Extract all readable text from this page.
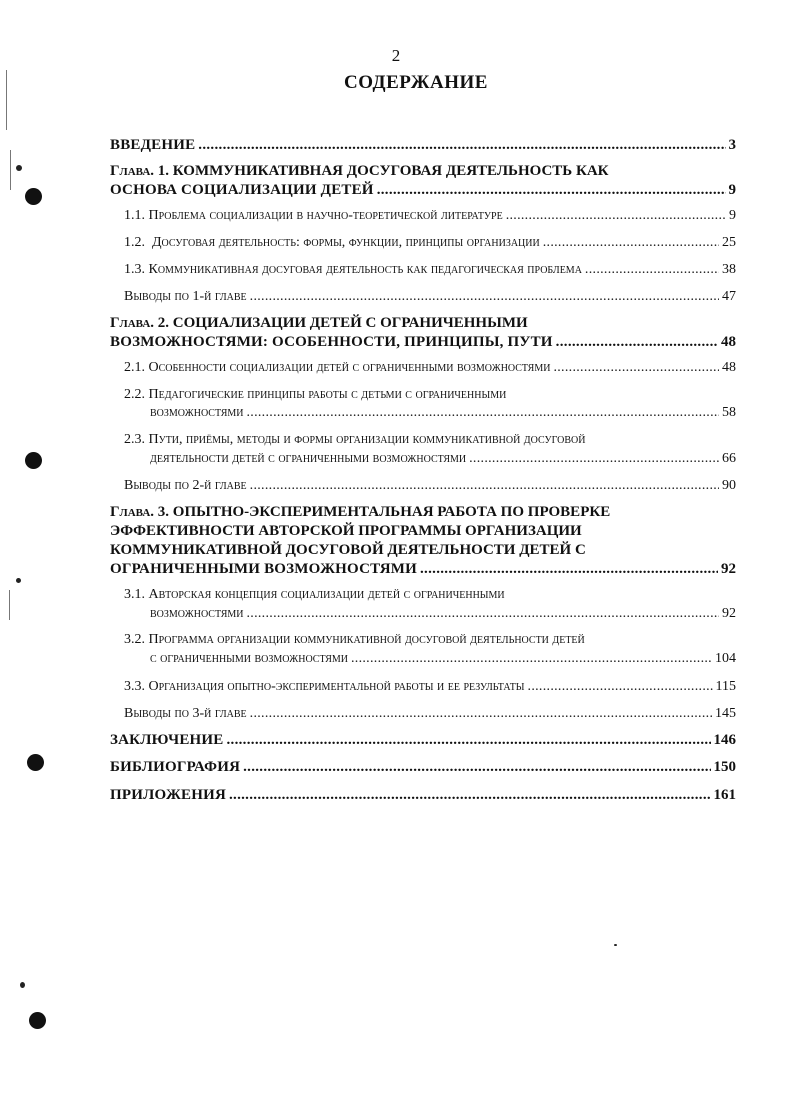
2
СОДЕРЖАНИЕ
ВВЕДЕНИЕ .....	3
Глава. 1. КОММУНИКАТИВНАЯ ДОСУГОВАЯ ДЕЯТЕЛЬНОСТЬ КАК
ОСНОВА СОЦИАЛИЗАЦИИ ДЕТЕЙ .....	9
1.1. Проблема социализации в научно-теоретической литературе .....	9
1.2. Досуговая деятельность: формы, функции, принципы организации .....	25
1.3. Коммуникативная досуговая деятельность как педагогическая проблема .....	38
Выводы по 1-й главе .....	47
Глава. 2. СОЦИАЛИЗАЦИИ ДЕТЕЙ С ОГРАНИЧЕННЫМИ
ВОЗМОЖНОСТЯМИ: ОСОБЕННОСТИ, ПРИНЦИПЫ, ПУТИ .....	48
2.1. Особенности социализации детей с ограниченными возможностями .....	48
2.2. Педагогические принципы работы с детьми с ограниченными
возможностями .....	58
2.3. Пути, приёмы, методы и формы организации коммуникативной досуговой
деятельности детей с ограниченными возможностями .....	66
Выводы по 2-й главе .....	90
Глава. 3. ОПЫТНО-ЭКСПЕРИМЕНТАЛЬНАЯ РАБОТА ПО ПРОВЕРКЕ
ЭФФЕКТИВНОСТИ АВТОРСКОЙ ПРОГРАММЫ ОРГАНИЗАЦИИ
КОММУНИКАТИВНОЙ ДОСУГОВОЙ ДЕЯТЕЛЬНОСТИ ДЕТЕЙ С
ОГРАНИЧЕННЫМИ ВОЗМОЖНОСТЯМИ .....	92
3.1. Авторская концепция социализации детей с ограниченными
возможностями .....	92
3.2. Программа организации коммуникативной досуговой деятельности детей
с ограниченными возможностями .....	104
3.3. Организация опытно-экспериментальной работы и ее результаты .....	115
Выводы по 3-й главе .....	145
ЗАКЛЮЧЕНИЕ .....	146
БИБЛИОГРАФИЯ .....	150
ПРИЛОЖЕНИЯ .....	161
